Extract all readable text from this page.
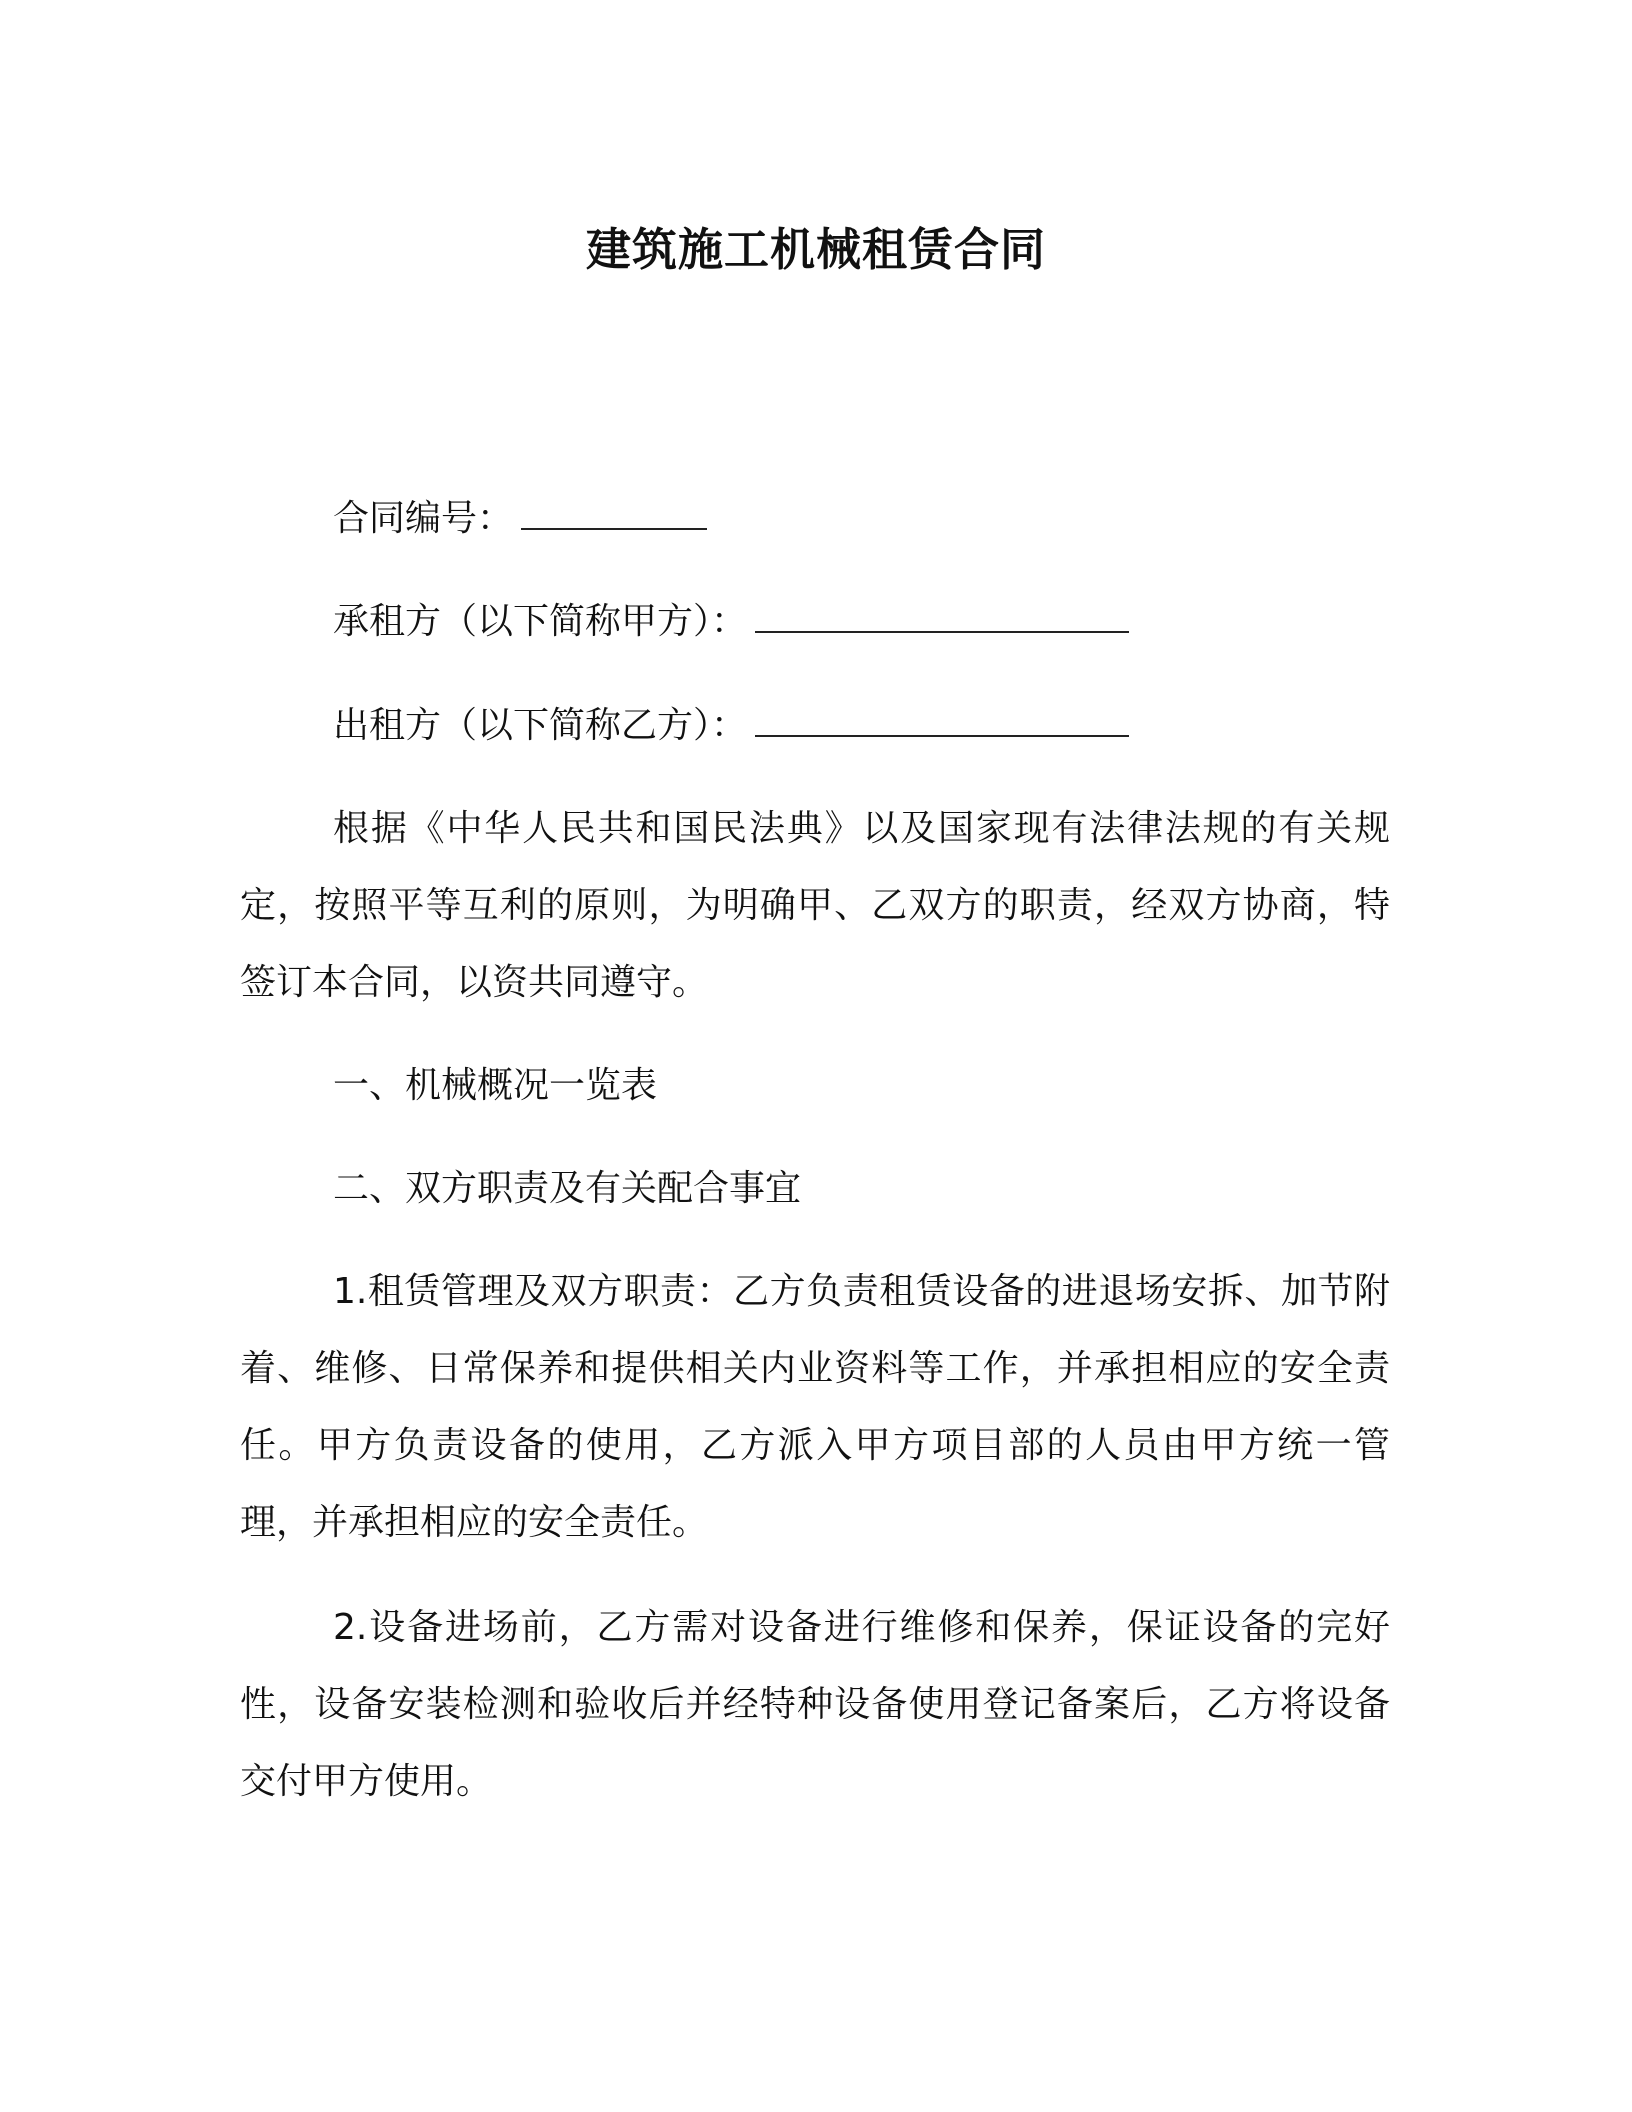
建筑施工机械租赁合同
合同编号：
承租方（以下简称甲方）：
出租方（以下简称乙方）：
根据《中华人民共和国民法典》以及国家现有法律法规的有关规定，按照平等互利的原则，为明确甲、乙双方的职责，经双方协商，特签订本合同，以资共同遵守。
一、机械概况一览表
二、双方职责及有关配合事宜
1.租赁管理及双方职责：乙方负责租赁设备的进退场安拆、加节附着、维修、日常保养和提供相关内业资料等工作，并承担相应的安全责任。甲方负责设备的使用，乙方派入甲方项目部的人员由甲方统一管理，并承担相应的安全责任。
2.设备进场前，乙方需对设备进行维修和保养，保证设备的完好性，设备安装检测和验收后并经特种设备使用登记备案后，乙方将设备交付甲方使用。
